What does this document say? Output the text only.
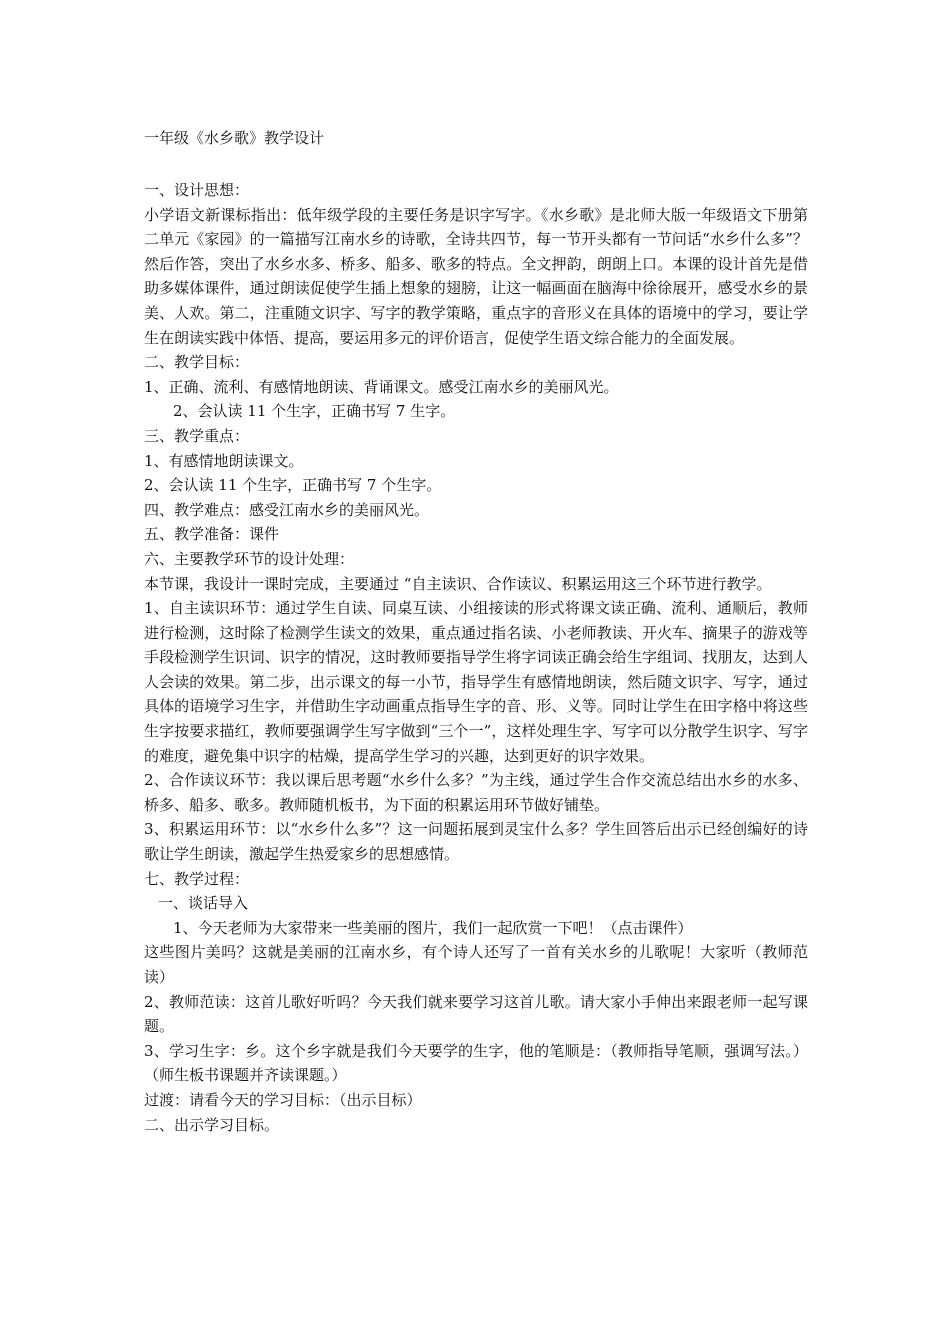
一年级《水乡歌》教学设计
一、设计思想：
小学语文新课标指出：低年级学段的主要任务是识字写字。《水乡歌》是北师大版一年级语文下册第二单元《家园》的一篇描写江南水乡的诗歌，全诗共四节，每一节开头都有一节问话“水乡什么多”？然后作答，突出了水乡水多、桥多、船多、歌多的特点。全文押韵，朗朗上口。本课的设计首先是借助多媒体课件，通过朗读促使学生插上想象的翅膀，让这一幅画面在脑海中徐徐展开，感受水乡的景美、人欢。第二，注重随文识字、写字的教学策略，重点字的音形义在具体的语境中的学习，要让学生在朗读实践中体悟、提高，要运用多元的评价语言，促使学生语文综合能力的全面发展。
二、教学目标：
1、正确、流利、有感情地朗读、背诵课文。感受江南水乡的美丽风光。
2、会认读 11 个生字，正确书写 7 生字。
三、教学重点：
1、有感情地朗读课文。
2、会认读 11 个生字，正确书写 7 个生字。
四、教学难点：感受江南水乡的美丽风光。
五、教学准备：课件
六、主要教学环节的设计处理：
本节课，我设计一课时完成，主要通过 “自主读识、合作读议、积累运用这三个环节进行教学。
1、自主读识环节：通过学生自读、同桌互读、小组接读的形式将课文读正确、流利、通顺后，教师进行检测，这时除了检测学生读文的效果，重点通过指名读、小老师教读、开火车、摘果子的游戏等手段检测学生识词、识字的情况，这时教师要指导学生将字词读正确会给生字组词、找朋友，达到人人会读的效果。第二步，出示课文的每一小节，指导学生有感情地朗读，然后随文识字、写字，通过具体的语境学习生字，并借助生字动画重点指导生字的音、形、义等。同时让学生在田字格中将这些生字按要求描红，教师要强调学生写字做到“三个一”，这样处理生字、写字可以分散学生识字、写字的难度，避免集中识字的枯燥，提高学生学习的兴趣，达到更好的识字效果。
2、合作读议环节：我以课后思考题“水乡什么多？”为主线，通过学生合作交流总结出水乡的水多、桥多、船多、歌多。教师随机板书，为下面的积累运用环节做好铺垫。
3、积累运用环节：以“水乡什么多”？这一问题拓展到灵宝什么多？学生回答后出示已经创编好的诗歌让学生朗读，激起学生热爱家乡的思想感情。
七、教学过程：
一、谈话导入
1、今天老师为大家带来一些美丽的图片，我们一起欣赏一下吧！（点击课件）
这些图片美吗？这就是美丽的江南水乡，有个诗人还写了一首有关水乡的儿歌呢！大家听（教师范读）
2、教师范读：这首儿歌好听吗？今天我们就来要学习这首儿歌。请大家小手伸出来跟老师一起写课题。
3、学习生字：乡。这个乡字就是我们今天要学的生字，他的笔顺是：（教师指导笔顺，强调写法。）（师生板书课题并齐读课题。）
过渡：请看今天的学习目标：（出示目标）
二、出示学习目标。
